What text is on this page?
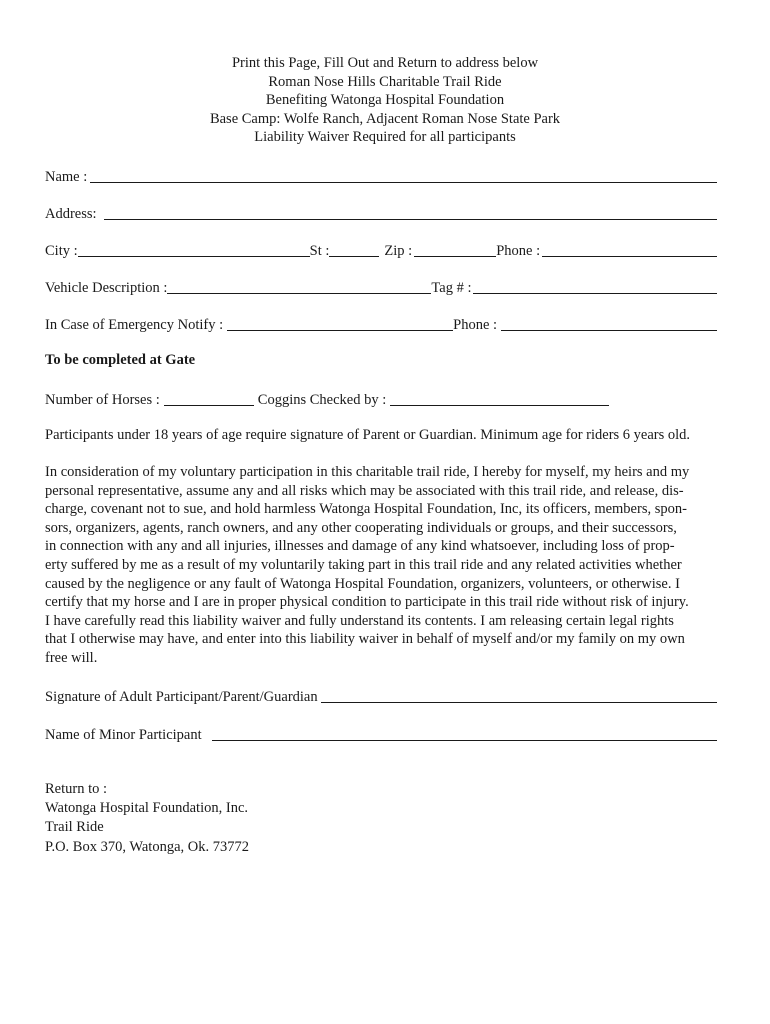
Print this Page, Fill Out and Return to address below
Roman Nose Hills Charitable Trail Ride
Benefiting Watonga Hospital Foundation
Base Camp: Wolfe Ranch, Adjacent Roman Nose State Park
Liability Waiver Required for all participants
Name :
Address:
City :	St :	Zip :	Phone :
Vehicle Description :	Tag # :
In Case of Emergency Notify :	Phone :
To be completed at Gate
Number of Horses :	Coggins Checked by :
Participants under 18 years of age require signature of Parent or Guardian. Minimum age for riders 6 years old.
In consideration of my voluntary participation in this charitable trail ride, I hereby for myself, my heirs and my
personal representative, assume any and all risks which may be associated with this trail ride, and release, dis-
charge, covenant not to sue, and hold harmless Watonga Hospital Foundation, Inc, its officers, members, spon-
sors, organizers, agents, ranch owners, and any other cooperating individuals or groups, and their successors,
in connection with any and all injuries, illnesses and damage of any kind whatsoever, including loss of prop-
erty suffered by me as a result of my voluntarily taking part in this trail ride and any related activities whether
caused by the negligence or any fault of Watonga Hospital Foundation, organizers, volunteers, or otherwise. I
certify that my horse and I are in proper physical condition to participate in this trail ride without risk of injury.
I have carefully read this liability waiver and fully understand its contents. I am releasing certain legal rights
that I otherwise may have, and enter into this liability waiver in behalf of myself and/or my family on my own
free will.
Signature of Adult Participant/Parent/Guardian
Name of Minor Participant
Return to :
Watonga Hospital Foundation, Inc.
Trail Ride
P.O. Box 370, Watonga, Ok. 73772
